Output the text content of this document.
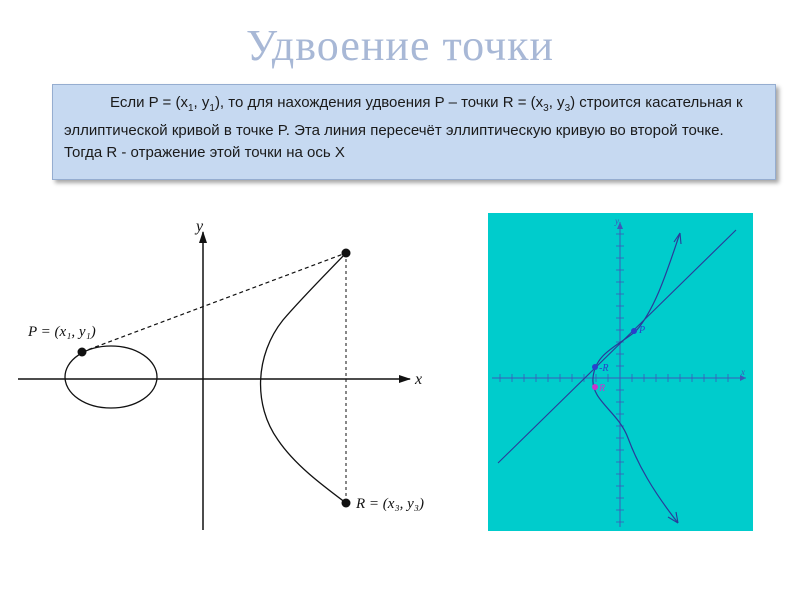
Удвоение точки

Если $P = (x_1$, $y_1$), то для нахождения удвоения P – точки $R = (x_3$, $y_3$) строится касательная к эллиптической кривой в точке P. Эта линия пересечёт эллиптическую кривую во второй точке. Тогда R - отражение этой точки на ось X

y
x
P = (x₁, y₁)
R = (x₃, y₃)
y
x
P
-R
R
